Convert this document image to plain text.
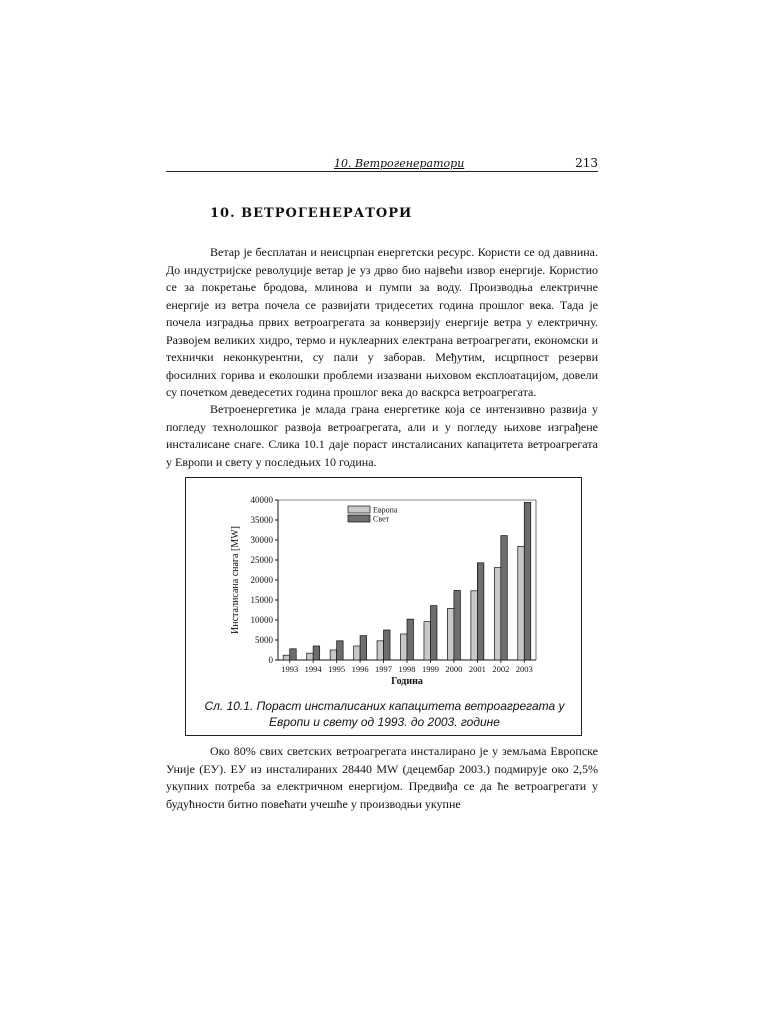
10. Ветрогенератори	213
10. ВЕТРОГЕНЕРАТОРИ

Ветар је бесплатан и неисцрпан енергетски ресурс. Користи се од давнина. До индустријске револуције ветар је уз дрво био највећи извор енергије. Користио се за покретање бродова, млинова и пумпи за воду. Производња електричне енергије из ветра почела се развијати тридесетих година прошлог века. Тада је почела изградња првих ветроагрегата за конверзију енергије ветра у електричну. Развојем великих хидро, термо и нуклеарних електрана ветроагрегати, економски и технички неконкурентни, су пали у заборав. Међутим, исцрпност резерви фосилних горива и еколошки проблеми изазвани њиховом експлоатацијом, довели су почетком деведесетих година прошлог века до васкрса ветроагрегата.

Ветроенергетика је млада грана енергетике која се интензивно развија у погледу технолошког развоја ветроагрегата, али и у погледу њихове изграђене инсталисане снаге. Слика 10.1 даје пораст инсталисаних капацитета ветроагрегата у Европи и свету у последњих 10 година.

0
5000
10000
15000
20000
25000
30000
35000
40000
1993 1994 1995 1996 1997 1998 1999 2000 2001 2002 2003
Европа
Свет
Година
Инсталисана снага [MW]

Сл. 10.1. Пораст инсталисаних капацитета ветроагрегата у Европи и свету од 1993. до 2003. године

Око 80% свих светских ветроагрегата инсталирано је у земљама Европске Уније (ЕУ). ЕУ из инсталираних 28440 MW (децембар 2003.) подмирује око 2,5% укупних потреба за електричном енергијом. Предвиђа се да ће ветроагрегати у будућности битно повећати учешће у производњи укупне
